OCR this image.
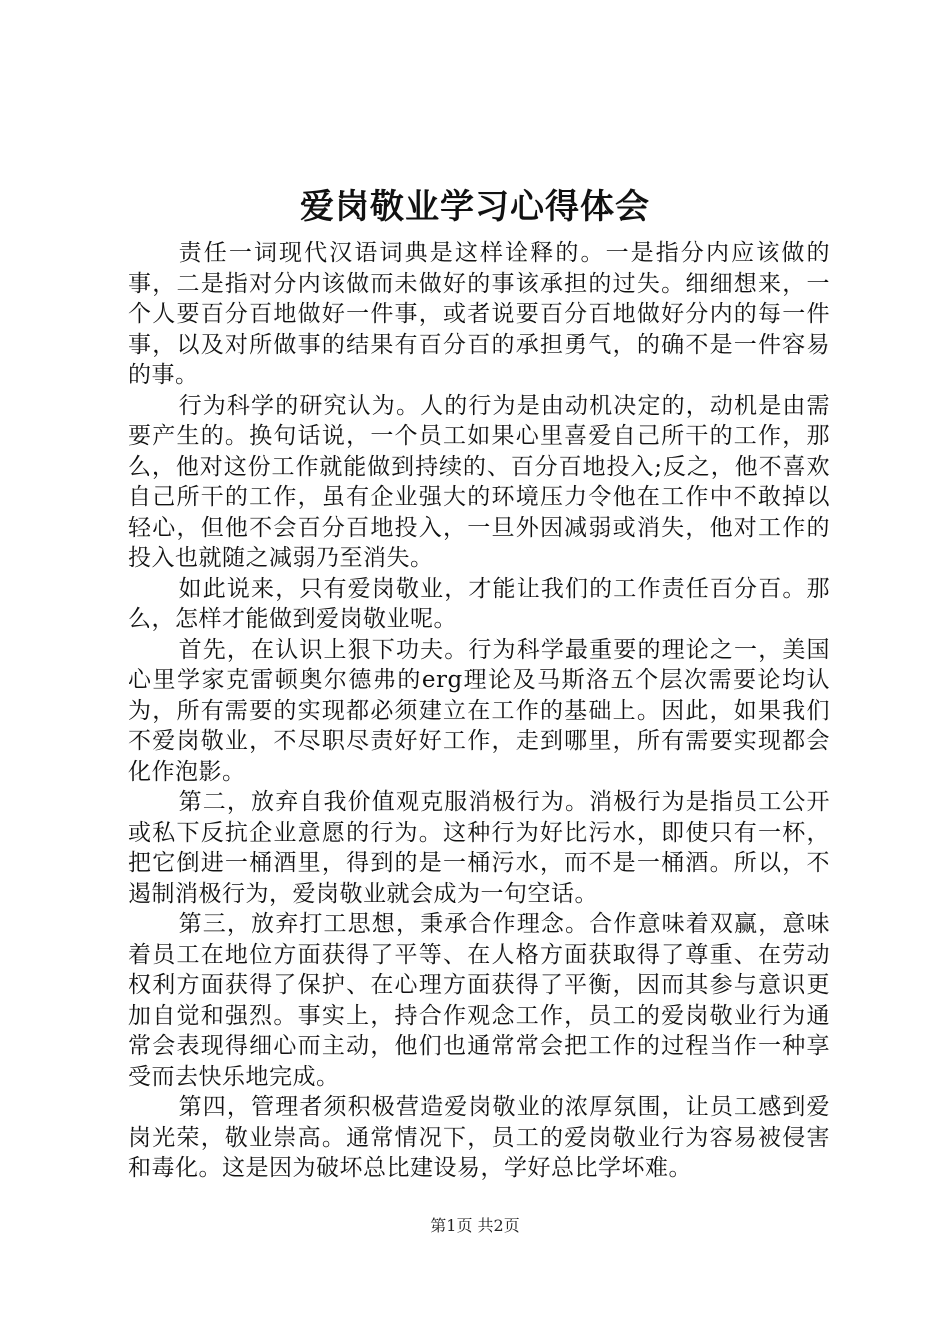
爱岗敬业学习心得体会

责任一词现代汉语词典是这样诠释的。一是指分内应该做的事，二是指对分内该做而未做好的事该承担的过失。细细想来，一个人要百分百地做好一件事，或者说要百分百地做好分内的每一件事，以及对所做事的结果有百分百的承担勇气，的确不是一件容易的事。

行为科学的研究认为。人的行为是由动机决定的，动机是由需要产生的。换句话说，一个员工如果心里喜爱自己所干的工作，那么，他对这份工作就能做到持续的、百分百地投入;反之，他不喜欢自己所干的工作，虽有企业强大的环境压力令他在工作中不敢掉以轻心，但他不会百分百地投入，一旦外因减弱或消失，他对工作的投入也就随之减弱乃至消失。

如此说来，只有爱岗敬业，才能让我们的工作责任百分百。那么，怎样才能做到爱岗敬业呢。

首先，在认识上狠下功夫。行为科学最重要的理论之一，美国心里学家克雷顿奥尔德弗的erg理论及马斯洛五个层次需要论均认为，所有需要的实现都必须建立在工作的基础上。因此，如果我们不爱岗敬业，不尽职尽责好好工作，走到哪里，所有需要实现都会化作泡影。

第二，放弃自我价值观克服消极行为。消极行为是指员工公开或私下反抗企业意愿的行为。这种行为好比污水，即使只有一杯，把它倒进一桶酒里，得到的是一桶污水，而不是一桶酒。所以，不遏制消极行为，爱岗敬业就会成为一句空话。

第三，放弃打工思想，秉承合作理念。合作意味着双赢，意味着员工在地位方面获得了平等、在人格方面获取得了尊重、在劳动权利方面获得了保护、在心理方面获得了平衡，因而其参与意识更加自觉和强烈。事实上，持合作观念工作，员工的爱岗敬业行为通常会表现得细心而主动，他们也通常常会把工作的过程当作一种享受而去快乐地完成。

第四，管理者须积极营造爱岗敬业的浓厚氛围，让员工感到爱岗光荣，敬业崇高。通常情况下，员工的爱岗敬业行为容易被侵害和毒化。这是因为破坏总比建设易，学好总比学坏难。

第1页 共2页
